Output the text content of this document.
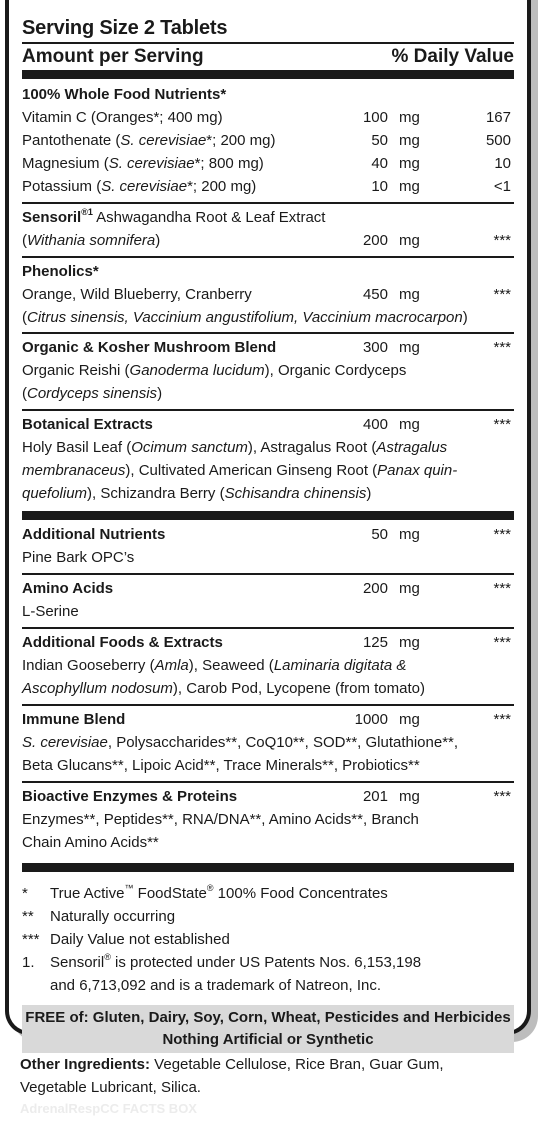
Serving Size 2 Tablets
Amount per Serving	% Daily Value
100% Whole Food Nutrients*
Vitamin C (Oranges*; 400 mg)	100 mg	167

Pantothenate (S. cerevisiae*; 200 mg)	50 mg	500

Magnesium (S. cerevisiae*; 800 mg)	40 mg	10

Potassium (S. cerevisiae*; 200 mg)	10 mg	<1

Sensoril$^{®1}$ Ashwagandha Root & Leaf Extract
(Withania somnifera)	200 mg	***

Phenolics*
Orange, Wild Blueberry, Cranberry	450 mg	***

(Citrus sinensis, Vaccinium angustifolium, Vaccinium macrocarpon)
Organic & Kosher Mushroom Blend	300 mg	***

Organic Reishi (Ganoderma lucidum), Organic Cordyceps
(Cordyceps sinensis)
Botanical Extracts	400 mg	***

Holy Basil Leaf (Ocimum sanctum), Astragalus Root (Astragalus
membranaceus), Cultivated American Ginseng Root (Panax quin-
quefolium), Schizandra Berry (Schisandra chinensis)
Additional Nutrients	50 mg	***

Pine Bark OPC’s
Amino Acids	200 mg	***

L-Serine
Additional Foods & Extracts	125 mg	***

Indian Gooseberry (Amla), Seaweed (Laminaria digitata &
Ascophyllum nodosum), Carob Pod, Lycopene (from tomato)
Immune Blend	1000 mg	***

S. cerevisiae, Polysaccharides**, CoQ10**, SOD**, Glutathione**,
Beta Glucans**, Lipoic Acid**, Trace Minerals**, Probiotics**
Bioactive Enzymes & Proteins	201 mg	***

Enzymes**, Peptides**, RNA/DNA**, Amino Acids**, Branch
Chain Amino Acids**
* True Active™ FoodState® 100% Food Concentrates
** Naturally occurring
*** Daily Value not established
1. Sensoril® is protected under US Patents Nos. 6,153,198
and 6,713,092 and is a trademark of Natreon, Inc.
FREE of: Gluten, Dairy, Soy, Corn, Wheat, Pesticides and Herbicides
Nothing Artificial or Synthetic
Other Ingredients: Vegetable Cellulose, Rice Bran, Guar Gum,
Vegetable Lubricant, Silica.
AdrenalRespCC FACTS BOX
